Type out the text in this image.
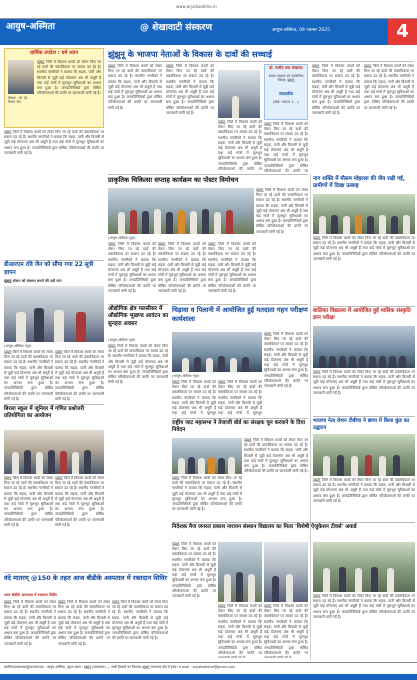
www.aryahastime.in
आयुष-अस्मिता	@ शेखावाटी संस्करण	आयुष-अस्मिता, 09 नवम्बर 2025	4
धार्मिक उपदेश : धर्म ध्यान
झुंझुनू जिले में विकास कार्यों को लेकर किए जा रहे दावों की वास्तविकता पर सवाल उठ रहे हैं। स्थानीय नागरिकों ने बताया कि सड़क, पानी और बिजली से जुड़ी कई योजनाएं अब भी अधूरी हैं तथा कई गांवों में मूलभूत सुविधाओं का अभाव बना हुआ है। जनप्रतिनिधियों द्वारा घोषित परियोजनाओं की प्रगति पर जानकारी मांगी गई है।
लेखक : प्रो. डॉ. विजय जैन
झुंझुनू के भाजपा नेताओं के विकास के दावों की सच्चाई
झुंझुनू जिले में विकास कार्यों को लेकर किए जा रहे दावों की वास्तविकता पर सवाल उठ रहे हैं। स्थानीय नागरिकों ने बताया कि सड़क, पानी और बिजली से जुड़ी कई योजनाएं अब भी अधूरी हैं तथा कई गांवों में मूलभूत सुविधाओं का अभाव बना हुआ है। जनप्रतिनिधियों द्वारा घोषित परियोजनाओं की प्रगति पर जानकारी मांगी गई है।
झुंझुनू जिले में विकास कार्यों को लेकर किए जा रहे दावों की वास्तविकता पर सवाल उठ रहे हैं। स्थानीय नागरिकों ने बताया कि सड़क, पानी और बिजली से जुड़ी कई योजनाएं अब भी अधूरी हैं तथा कई गांवों में मूलभूत सुविधाओं का अभाव बना हुआ है। जनप्रतिनिधियों द्वारा घोषित परियोजनाओं की प्रगति पर जानकारी मांगी गई है।
झुंझुनू जिले में विकास कार्यों को लेकर किए जा रहे दावों की वास्तविकता पर सवाल उठ रहे हैं। स्थानीय नागरिकों ने बताया कि सड़क, पानी और बिजली से जुड़ी कई योजनाएं अब भी अधूरी हैं तथा कई गांवों में मूलभूत सुविधाओं का अभाव बना हुआ है। जनप्रतिनिधियों द्वारा घोषित परियोजनाओं की प्रगति पर
डॉ. राजीव तथा शेखावत
स्वतंत्र पत्रकार एवं सामाजिक चिंतक, झुंझुनू
संपादकीय
(लेख: 9829 1....)
झुंझुनू जिले में विकास कार्यों को लेकर किए जा रहे दावों की वास्तविकता पर सवाल उठ रहे हैं। स्थानीय नागरिकों ने बताया कि सड़क, पानी और बिजली से जुड़ी कई योजनाएं अब भी अधूरी हैं तथा कई गांवों में मूलभूत सुविधाओं का अभाव बना हुआ है। जनप्रतिनिधियों द्वारा घोषित परियोजनाओं की प्रगति पर
झुंझुनू जिले में विकास कार्यों को लेकर किए जा रहे दावों की वास्तविकता पर सवाल उठ रहे हैं। स्थानीय नागरिकों ने बताया कि सड़क, पानी और बिजली से जुड़ी कई योजनाएं अब भी अधूरी हैं तथा कई गांवों में मूलभूत सुविधाओं का अभाव बना हुआ है। जनप्रतिनिधियों द्वारा घोषित परियोजनाओं की प्रगति पर जानकारी मांगी गई है।
झुंझुनू जिले में विकास कार्यों को लेकर किए जा रहे दावों की वास्तविकता पर सवाल उठ रहे हैं। स्थानीय नागरिकों ने बताया कि सड़क, पानी और बिजली से जुड़ी कई योजनाएं अब भी अधूरी हैं तथा कई गांवों में मूलभूत सुविधाओं का अभाव बना हुआ है। जनप्रतिनिधियों द्वारा घोषित परियोजनाओं की प्रगति पर जानकारी मांगी गई है।
झुंझुनू जिले में विकास कार्यों को लेकर किए जा रहे दावों की वास्तविकता पर सवाल उठ रहे हैं। स्थानीय नागरिकों ने बताया कि सड़क, पानी और बिजली से जुड़ी कई योजनाएं अब भी अधूरी हैं तथा कई गांवों में मूलभूत सुविधाओं का अभाव बना हुआ है। जनप्रतिनिधियों द्वारा घोषित परियोजनाओं की प्रगति पर जानकारी मांगी गई है।
प्राकृतिक चिकित्सा सप्ताह कार्यक्रम का पोस्टर विमोचन
झुंझुनू जिले में विकास कार्यों को लेकर किए जा रहे दावों की वास्तविकता पर सवाल उठ रहे हैं। स्थानीय नागरिकों ने बताया कि सड़क, पानी और बिजली से जुड़ी कई योजनाएं अब भी अधूरी हैं तथा कई गांवों में मूलभूत सुविधाओं का अभाव बना हुआ है। जनप्रतिनिधियों द्वारा घोषित परियोजनाओं की प्रगति पर जानकारी मांगी गई है।
(आयुष-अस्मिता न्यूज़)
झुंझुनू जिले में विकास कार्यों को लेकर किए जा रहे दावों की वास्तविकता पर सवाल उठ रहे हैं। स्थानीय नागरिकों ने बताया कि सड़क, पानी और बिजली से जुड़ी कई योजनाएं अब भी अधूरी हैं तथा कई गांवों में मूलभूत सुविधाओं का अभाव बना हुआ है। जनप्रतिनिधियों द्वारा घोषित परियोजनाओं की प्रगति पर जानकारी मांगी गई है।
झुंझुनू जिले में विकास कार्यों को लेकर किए जा रहे दावों की वास्तविकता पर सवाल उठ रहे हैं। स्थानीय नागरिकों ने बताया कि सड़क, पानी और बिजली से जुड़ी कई योजनाएं अब भी अधूरी हैं तथा कई गांवों में मूलभूत सुविधाओं का अभाव बना हुआ है। जनप्रतिनिधियों द्वारा घोषित परियोजनाओं की प्रगति पर जानकारी मांगी गई है।
झुंझुनू जिले में विकास कार्यों को लेकर किए जा रहे दावों की वास्तविकता पर सवाल उठ रहे हैं। स्थानीय नागरिकों ने बताया कि सड़क, पानी और बिजली से जुड़ी कई योजनाएं अब भी अधूरी हैं तथा कई गांवों में मूलभूत सुविधाओं का अभाव बना हुआ है। जनप्रतिनिधियों द्वारा घोषित परियोजनाओं की प्रगति पर जानकारी मांगी गई है।
डीआरएम रवि जैन को सौंपा गया 22 सूत्री ज्ञापन
झुंझुनूं स्टेशन को जंक्शन बनाने की उठी मांग
(आयुष-अस्मिता न्यूज़)
झुंझुनू जिले में विकास कार्यों को लेकर किए जा रहे दावों की वास्तविकता पर सवाल उठ रहे हैं। स्थानीय नागरिकों ने बताया कि सड़क, पानी और बिजली से जुड़ी कई योजनाएं अब भी अधूरी हैं तथा कई गांवों में मूलभूत सुविधाओं का अभाव बना हुआ है। जनप्रतिनिधियों द्वारा घोषित परियोजनाओं की प्रगति पर जानकारी मांगी गई है।
झुंझुनू जिले में विकास कार्यों को लेकर किए जा रहे दावों की वास्तविकता पर सवाल उठ रहे हैं। स्थानीय नागरिकों ने बताया कि सड़क, पानी और बिजली से जुड़ी कई योजनाएं अब भी अधूरी हैं तथा कई गांवों में मूलभूत सुविधाओं का अभाव बना हुआ है। जनप्रतिनिधियों द्वारा घोषित परियोजनाओं की प्रगति पर जानकारी मांगी गई है।
औद्योगिक क्षेत्र मलसीसर में औद्योगिक भूखण्ड आवंटन का सुनहरा अवसर
(आयुष-अस्मिता न्यूज़)
झुंझुनू जिले में विकास कार्यों को लेकर किए जा रहे दावों की वास्तविकता पर सवाल उठ रहे हैं। स्थानीय नागरिकों ने बताया कि सड़क, पानी और बिजली से जुड़ी कई योजनाएं अब भी अधूरी हैं तथा कई गांवों में मूलभूत सुविधाओं का अभाव बना हुआ है। जनप्रतिनिधियों द्वारा घोषित परियोजनाओं की प्रगति पर जानकारी मांगी गई है।
चिड़ावा व पिलानी में आयोजित हुई मतदाता गहन परीक्षण कार्यशाला
झुंझुनू जिले में विकास कार्यों को लेकर किए जा रहे दावों की वास्तविकता पर सवाल उठ रहे हैं। स्थानीय नागरिकों ने बताया कि सड़क, पानी और बिजली से जुड़ी कई योजनाएं अब भी अधूरी हैं तथा कई गांवों में मूलभूत सुविधाओं का अभाव बना हुआ है। जनप्रतिनिधियों द्वारा घोषित परियोजनाओं की प्रगति पर जानकारी मांगी गई है।
(आयुष-अस्मिता न्यूज़)
झुंझुनू जिले में विकास कार्यों को लेकर किए जा रहे दावों की वास्तविकता पर सवाल उठ रहे हैं। स्थानीय नागरिकों ने बताया कि सड़क, पानी और बिजली से जुड़ी कई योजनाएं अब भी अधूरी हैं तथा कई गांवों में मूलभूत
झुंझुनू जिले में विकास कार्यों को लेकर किए जा रहे दावों की वास्तविकता पर सवाल उठ रहे हैं। स्थानीय नागरिकों ने बताया कि सड़क, पानी और बिजली से जुड़ी कई योजनाएं अब भी अधूरी हैं तथा कई गांवों में मूलभूत
राष्ट्रीय जाट महासभा ने तेजाजी बोर्ड का संरक्षक चुन करवाने के दिया निवेदन
झुंझुनू जिले में विकास कार्यों को लेकर किए जा रहे दावों की वास्तविकता पर सवाल उठ रहे हैं। स्थानीय नागरिकों ने बताया कि सड़क, पानी और बिजली से जुड़ी कई योजनाएं अब भी अधूरी हैं तथा कई गांवों में मूलभूत सुविधाओं का अभाव बना हुआ है। जनप्रतिनिधियों द्वारा घोषित परियोजनाओं की प्रगति पर जानकारी मांगी गई है।
झुंझुनू जिले में विकास कार्यों को लेकर किए जा रहे दावों की वास्तविकता पर सवाल उठ रहे हैं। स्थानीय नागरिकों ने बताया कि सड़क, पानी और बिजली से जुड़ी कई योजनाएं अब भी अधूरी हैं तथा कई गांवों में मूलभूत सुविधाओं का अभाव बना हुआ है। जनप्रतिनिधियों द्वारा घोषित परियोजनाओं की प्रगति पर जानकारी मांगी गई है।
बिरला स्कूल में जूनियर में गणित प्रश्नोत्तरी प्रतियोगिता का आयोजन
झुंझुनू जिले में विकास कार्यों को लेकर किए जा रहे दावों की वास्तविकता पर सवाल उठ रहे हैं। स्थानीय नागरिकों ने बताया कि सड़क, पानी और बिजली से जुड़ी कई योजनाएं अब भी अधूरी हैं तथा कई गांवों में मूलभूत सुविधाओं का अभाव बना हुआ है। जनप्रतिनिधियों द्वारा घोषित परियोजनाओं की प्रगति पर जानकारी मांगी गई है।
झुंझुनू जिले में विकास कार्यों को लेकर किए जा रहे दावों की वास्तविकता पर सवाल उठ रहे हैं। स्थानीय नागरिकों ने बताया कि सड़क, पानी और बिजली से जुड़ी कई योजनाएं अब भी अधूरी हैं तथा कई गांवों में मूलभूत सुविधाओं का अभाव बना हुआ है। जनप्रतिनिधियों द्वारा घोषित परियोजनाओं की प्रगति पर जानकारी मांगी गई है।
नाग शक्ति में मौसम मोहल्ला की नीव रखी गई, ग्रामीणों में दिखा उत्साह
झुंझुनू जिले में विकास कार्यों को लेकर किए जा रहे दावों की वास्तविकता पर सवाल उठ रहे हैं। स्थानीय नागरिकों ने बताया कि सड़क, पानी और बिजली से जुड़ी कई योजनाएं अब भी अधूरी हैं तथा कई गांवों में मूलभूत सुविधाओं का अभाव बना हुआ है। जनप्रतिनिधियों द्वारा घोषित परियोजनाओं की प्रगति पर जानकारी मांगी गई है।
बालिका विद्यालय में आयोजित हुई मासिक संस्कृति ज्ञान परीक्षा
झुंझुनू जिले में विकास कार्यों को लेकर किए जा रहे दावों की वास्तविकता पर सवाल उठ रहे हैं। स्थानीय नागरिकों ने बताया कि सड़क, पानी और बिजली से जुड़ी कई योजनाएं अब भी अधूरी हैं तथा कई गांवों में मूलभूत सुविधाओं का अभाव बना हुआ है। जनप्रतिनिधियों द्वारा घोषित परियोजनाओं की प्रगति पर जानकारी मांगी गई है।
भाजपा नेता रोशन टीबीया ने छापा में किया कुंड का उद्घाटन
झुंझुनू जिले में विकास कार्यों को लेकर किए जा रहे दावों की वास्तविकता पर सवाल उठ रहे हैं। स्थानीय नागरिकों ने बताया कि सड़क, पानी और बिजली से जुड़ी कई योजनाएं अब भी अधूरी हैं तथा कई गांवों में मूलभूत सुविधाओं का अभाव बना हुआ है। जनप्रतिनिधियों द्वारा घोषित परियोजनाओं की प्रगति पर जानकारी मांगी गई है।
निदेशक मैज जनरल प्रकाश नारायन संस्थान विद्यालय का मिला 'विशेषी ऐजुकेशन टीवर्स' अवार्ड
झुंझुनू जिले में विकास कार्यों को लेकर किए जा रहे दावों की वास्तविकता पर सवाल उठ रहे हैं। स्थानीय नागरिकों ने बताया कि सड़क, पानी और बिजली से जुड़ी कई योजनाएं अब भी अधूरी हैं तथा कई गांवों में मूलभूत सुविधाओं का अभाव बना हुआ है। जनप्रतिनिधियों द्वारा घोषित परियोजनाओं की प्रगति पर जानकारी मांगी गई है।
झुंझुनू जिले में विकास कार्यों को लेकर किए जा रहे दावों की वास्तविकता पर सवाल उठ रहे हैं। स्थानीय नागरिकों ने बताया कि सड़क, पानी और बिजली से जुड़ी कई योजनाएं अब भी अधूरी हैं तथा कई गांवों में मूलभूत सुविधाओं का अभाव बना हुआ है। जनप्रतिनिधियों द्वारा घोषित परियोजनाओं की प्रगति पर
झुंझुनू जिले में विकास कार्यों को लेकर किए जा रहे दावों की वास्तविकता पर सवाल उठ रहे हैं। स्थानीय नागरिकों ने बताया कि सड़क, पानी और बिजली से जुड़ी कई योजनाएं अब भी अधूरी हैं तथा कई गांवों में मूलभूत सुविधाओं का अभाव बना हुआ है। जनप्रतिनिधियों द्वारा घोषित परियोजनाओं की प्रगति पर
झुंझुनू जिले में विकास कार्यों को लेकर किए जा रहे दावों की वास्तविकता पर सवाल उठ रहे हैं। स्थानीय नागरिकों ने बताया कि सड़क, पानी और बिजली से जुड़ी कई योजनाएं अब भी अधूरी हैं तथा कई गांवों में मूलभूत सुविधाओं का अभाव बना हुआ है। जनप्रतिनिधियों द्वारा घोषित परियोजनाओं की प्रगति पर जानकारी मांगी गई है।
वंदे मातरम् @150 के तहत आज बीडीके अस्पताल में रक्तदान शिविर
आज बीडीके अस्पताल में रक्तदान शिविर
झुंझुनू जिले में विकास कार्यों को लेकर किए जा रहे दावों की वास्तविकता पर सवाल उठ रहे हैं। स्थानीय नागरिकों ने बताया कि सड़क, पानी और बिजली से जुड़ी कई योजनाएं अब भी अधूरी हैं तथा कई गांवों में मूलभूत सुविधाओं का अभाव बना हुआ है। जनप्रतिनिधियों द्वारा घोषित परियोजनाओं की प्रगति पर जानकारी मांगी गई है।
झुंझुनू जिले में विकास कार्यों को लेकर किए जा रहे दावों की वास्तविकता पर सवाल उठ रहे हैं। स्थानीय नागरिकों ने बताया कि सड़क, पानी और बिजली से जुड़ी कई योजनाएं अब भी अधूरी हैं तथा कई गांवों में मूलभूत सुविधाओं का अभाव बना हुआ है। जनप्रतिनिधियों द्वारा घोषित परियोजनाओं की प्रगति पर जानकारी मांगी गई है।
झुंझुनू जिले में विकास कार्यों को लेकर किए जा रहे दावों की वास्तविकता पर सवाल उठ रहे हैं। स्थानीय नागरिकों ने बताया कि सड़क, पानी और बिजली से जुड़ी कई योजनाएं अब भी अधूरी हैं तथा कई गांवों में मूलभूत सुविधाओं का अभाव बना हुआ है। जनप्रतिनिधियों द्वारा घोषित परियोजनाओं की प्रगति पर जानकारी मांगी गई है।
स्वामित्व/प्रकाशक/मुद्रक/संपादक : आयुष-अस्मिता, मुद्रण स्थान : झुंझुनूं (राजस्थान) — सभी विवादों का निपटारा झुंझुनूं न्यायालय क्षेत्र में होगा। e-mail : aryahastime@gmail.com
